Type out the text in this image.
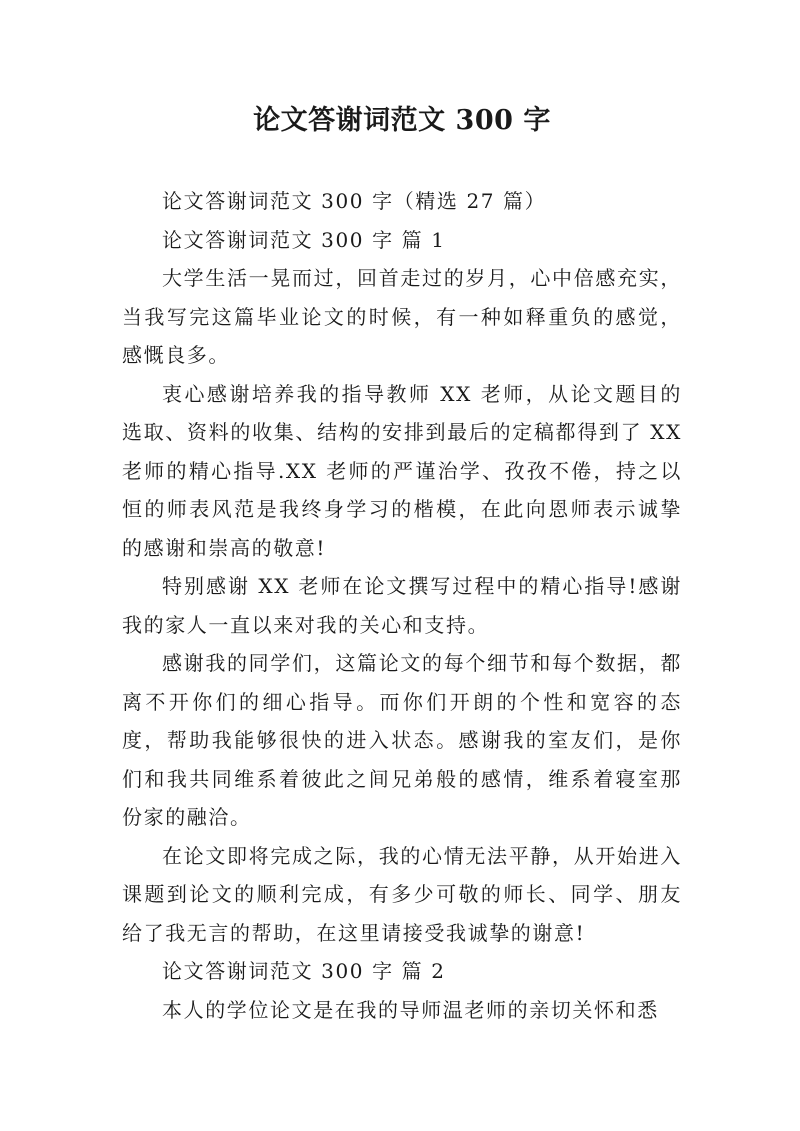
论文答谢词范文 300 字

论文答谢词范文 300 字（精选 27 篇）

论文答谢词范文 300 字 篇 1

大学生活一晃而过，回首走过的岁月，心中倍感充实，当我写完这篇毕业论文的时候，有一种如释重负的感觉，感慨良多。

衷心感谢培养我的指导教师 XX 老师，从论文题目的选取、资料的收集、结构的安排到最后的定稿都得到了 XX 老师的精心指导.XX 老师的严谨治学、孜孜不倦，持之以恒的师表风范是我终身学习的楷模，在此向恩师表示诚挚的感谢和崇高的敬意!

特别感谢 XX 老师在论文撰写过程中的精心指导!感谢我的家人一直以来对我的关心和支持。

感谢我的同学们，这篇论文的每个细节和每个数据，都离不开你们的细心指导。而你们开朗的个性和宽容的态度，帮助我能够很快的进入状态。感谢我的室友们，是你们和我共同维系着彼此之间兄弟般的感情，维系着寝室那份家的融洽。

在论文即将完成之际，我的心情无法平静，从开始进入课题到论文的顺利完成，有多少可敬的师长、同学、朋友给了我无言的帮助，在这里请接受我诚挚的谢意!

论文答谢词范文 300 字 篇 2

本人的学位论文是在我的导师温老师的亲切关怀和悉
